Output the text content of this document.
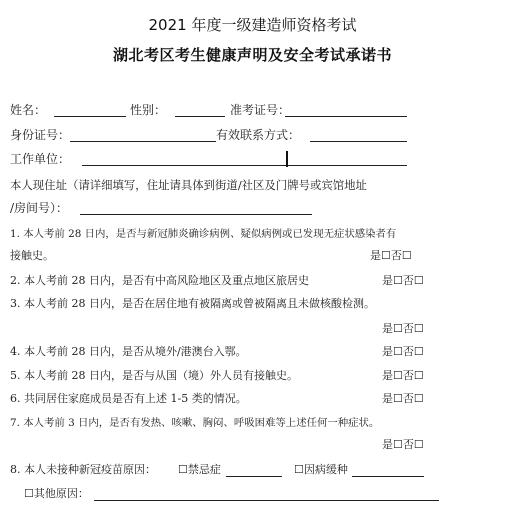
2021 年度一级建造师资格考试
湖北考区考生健康声明及安全考试承诺书
姓名：	性别：	准考证号：
身份证号：	有效联系方式：
工作单位：
本人现住址（请详细填写，住址请具体到街道/社区及门牌号或宾馆地址
/房间号）：
1. 本人考前 28 日内，是否与新冠肺炎确诊病例、疑似病例或已发现无症状感染者有
接触史。	是☐否☐
2. 本人考前 28 日内，是否有中高风险地区及重点地区旅居史	是☐否☐
3. 本人考前 28 日内，是否在居住地有被隔离或曾被隔离且未做核酸检测。
是☐否☐
4. 本人考前 28 日内，是否从境外/港澳台入鄂。	是☐否☐
5. 本人考前 28 日内，是否与从国（境）外人员有接触史。	是☐否☐
6. 共同居住家庭成员是否有上述 1-5 类的情况。	是☐否☐
7. 本人考前 3 日内，是否有发热、咳嗽、胸闷、呼吸困难等上述任何一种症状。
是☐否☐
8. 本人未接种新冠疫苗原因： ☐禁忌症	☐因病缓种
☐其他原因：
